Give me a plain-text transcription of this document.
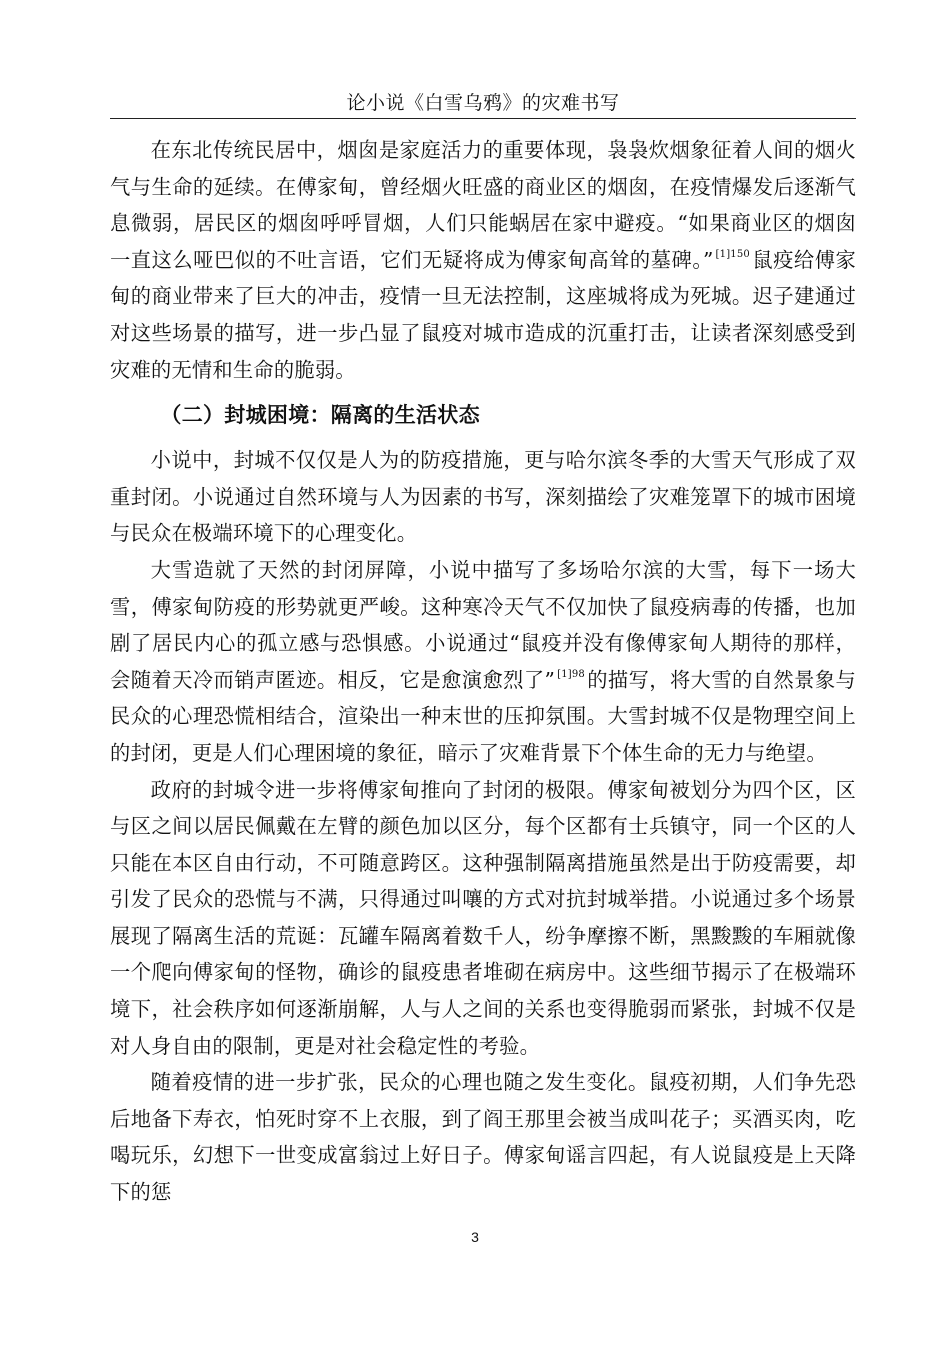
论小说《白雪乌鸦》的灾难书写

在东北传统民居中，烟囱是家庭活力的重要体现，袅袅炊烟象征着人间的烟火气与生命的延续。在傅家甸，曾经烟火旺盛的商业区的烟囱，在疫情爆发后逐渐气息微弱，居民区的烟囱呼呼冒烟，人们只能蜗居在家中避疫。“如果商业区的烟囱一直这么哑巴似的不吐言语，它们无疑将成为傅家甸高耸的墓碑。” $^{[1]150}$鼠疫给傅家甸的商业带来了巨大的冲击，疫情一旦无法控制，这座城将成为死城。迟子建通过对这些场景的描写，进一步凸显了鼠疫对城市造成的沉重打击，让读者深刻感受到灾难的无情和生命的脆弱。

（二）封城困境：隔离的生活状态

小说中，封城不仅仅是人为的防疫措施，更与哈尔滨冬季的大雪天气形成了双重封闭。小说通过自然环境与人为因素的书写，深刻描绘了灾难笼罩下的城市困境与民众在极端环境下的心理变化。

大雪造就了天然的封闭屏障，小说中描写了多场哈尔滨的大雪，每下一场大雪，傅家甸防疫的形势就更严峻。这种寒冷天气不仅加快了鼠疫病毒的传播，也加剧了居民内心的孤立感与恐惧感。小说通过“鼠疫并没有像傅家甸人期待的那样，会随着天冷而销声匿迹。相反，它是愈演愈烈了” $^{[1]98}$的描写，将大雪的自然景象与民众的心理恐慌相结合，渲染出一种末世的压抑氛围。大雪封城不仅是物理空间上的封闭，更是人们心理困境的象征，暗示了灾难背景下个体生命的无力与绝望。

政府的封城令进一步将傅家甸推向了封闭的极限。傅家甸被划分为四个区，区与区之间以居民佩戴在左臂的颜色加以区分，每个区都有士兵镇守，同一个区的人只能在本区自由行动，不可随意跨区。这种强制隔离措施虽然是出于防疫需要，却引发了民众的恐慌与不满，只得通过叫嚷的方式对抗封城举措。小说通过多个场景展现了隔离生活的荒诞：瓦罐车隔离着数千人，纷争摩擦不断，黑黢黢的车厢就像一个爬向傅家甸的怪物，确诊的鼠疫患者堆砌在病房中。这些细节揭示了在极端环境下，社会秩序如何逐渐崩解，人与人之间的关系也变得脆弱而紧张，封城不仅是对人身自由的限制，更是对社会稳定性的考验。

随着疫情的进一步扩张，民众的心理也随之发生变化。鼠疫初期，人们争先恐后地备下寿衣，怕死时穿不上衣服，到了阎王那里会被当成叫花子；买酒买肉，吃喝玩乐，幻想下一世变成富翁过上好日子。傅家甸谣言四起，有人说鼠疫是上天降下的惩

3
